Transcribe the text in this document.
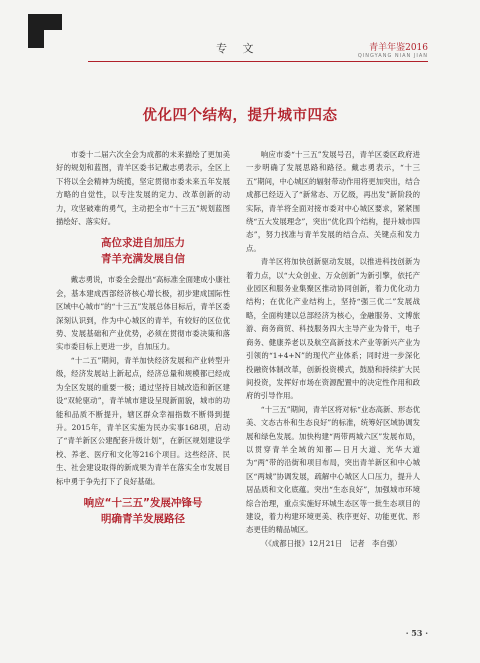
专 文	青羊年鉴2016
QINGYANG NIAN JIAN
优化四个结构，提升城市四态

市委十二届六次全会为成都的未来描绘了更加美好的规划和蓝图，青羊区委书记戴志勇表示，全区上下将以全会精神为统揽，坚定贯彻市委未来五年发展方略的自觉性，以专注发展的定力、改革创新的动力，攻坚破难的勇气，主动把全市“十三五”规划蓝图描绘好、落实好。

高位求进自加压力
青羊充满发展自信

戴志勇说，市委全会提出“高标准全面建成小康社会，基本建成西部经济核心增长极，初步建成国际性区域中心城市”的“十三五”发展总体目标后，青羊区委深刻认识到，作为中心城区的青羊，有较好的区位优势、发展基础和产业优势，必须在贯彻市委决策和落实市委目标上更进一步，自加压力。

“十二五”期间，青羊加快经济发展和产业转型升级，经济发展站上新起点，经济总量和规模都已经成为全区发展的重要一极；通过坚持目城改造和新区建设“双轮驱动”，青羊城市建设呈现新面貌，城市的功能和品质不断提升，辖区群众幸福指数不断得到提升。2015年，青羊区实施为民办实事168项，启动了“青羊新区公建配套升级计划”，在新区规划建设学校、养老、医疗和文化等216个项目。这些经济、民生、社会建设取得的新成果为青羊在落实全市发展目标中勇于争先打下了良好基础。

响应“十三五”发展冲锋号
明确青羊发展路径

响应市委“十三五”发展号召，青羊区委区政府进一步明确了发展思路和路径。戴志勇表示，“十三五”期间，中心城区的辐射带动作用将更加突出，结合成都已经迈入了“新常态、万亿级，再出发”新阶段的实际，青羊将全面对接市委对中心城区要求，紧紧围绕“五大发展理念”，突出“优化四个结构，提升城市四态”，努力找准与青羊发展的结合点、关键点和发力点。

青羊区将加快创新驱动发展，以推进科技创新为着力点，以“大众创业、万众创新”为新引擎，依托产业园区和服务业集聚区推动协同创新，着力优化动力结构；在优化产业结构上，坚持“强三优二”发展战略，全面构建以总部经济为核心，金融服务、文博旅游、商务商贸、科技服务四大主导产业为骨干，电子商务、健康养老以及航空高新技术产业等新兴产业为引领的“1+4+N”的现代产业体系；同时进一步深化投融资体制改革，创新投资模式，鼓励和持续扩大民间投资，发挥好市场在资源配置中的决定性作用和政府的引导作用。

“十三五”期间，青羊区将对标“业态高新、形态优美、文态古朴和生态良好”的标准，统筹好区域协调发展和绿色发展。加快构建“两带两城六区”发展布局，以贯穿青羊全域的知都—日月大道、光华大道为“两”带的沿街和项目布局，突出青羊新区和中心城区“两城”协调发展，疏解中心城区人口压力，提升人居品质和文化底蕴。突出“生态良好”，加强城市环境综合治理，重点实施好环城生态区等一批生态项目的建设，着力构建环境更美、秩序更好、功能更优、形态更佳的精品城区。

（《成都日报》12月21日　记者　李自强）

· 53 ·
